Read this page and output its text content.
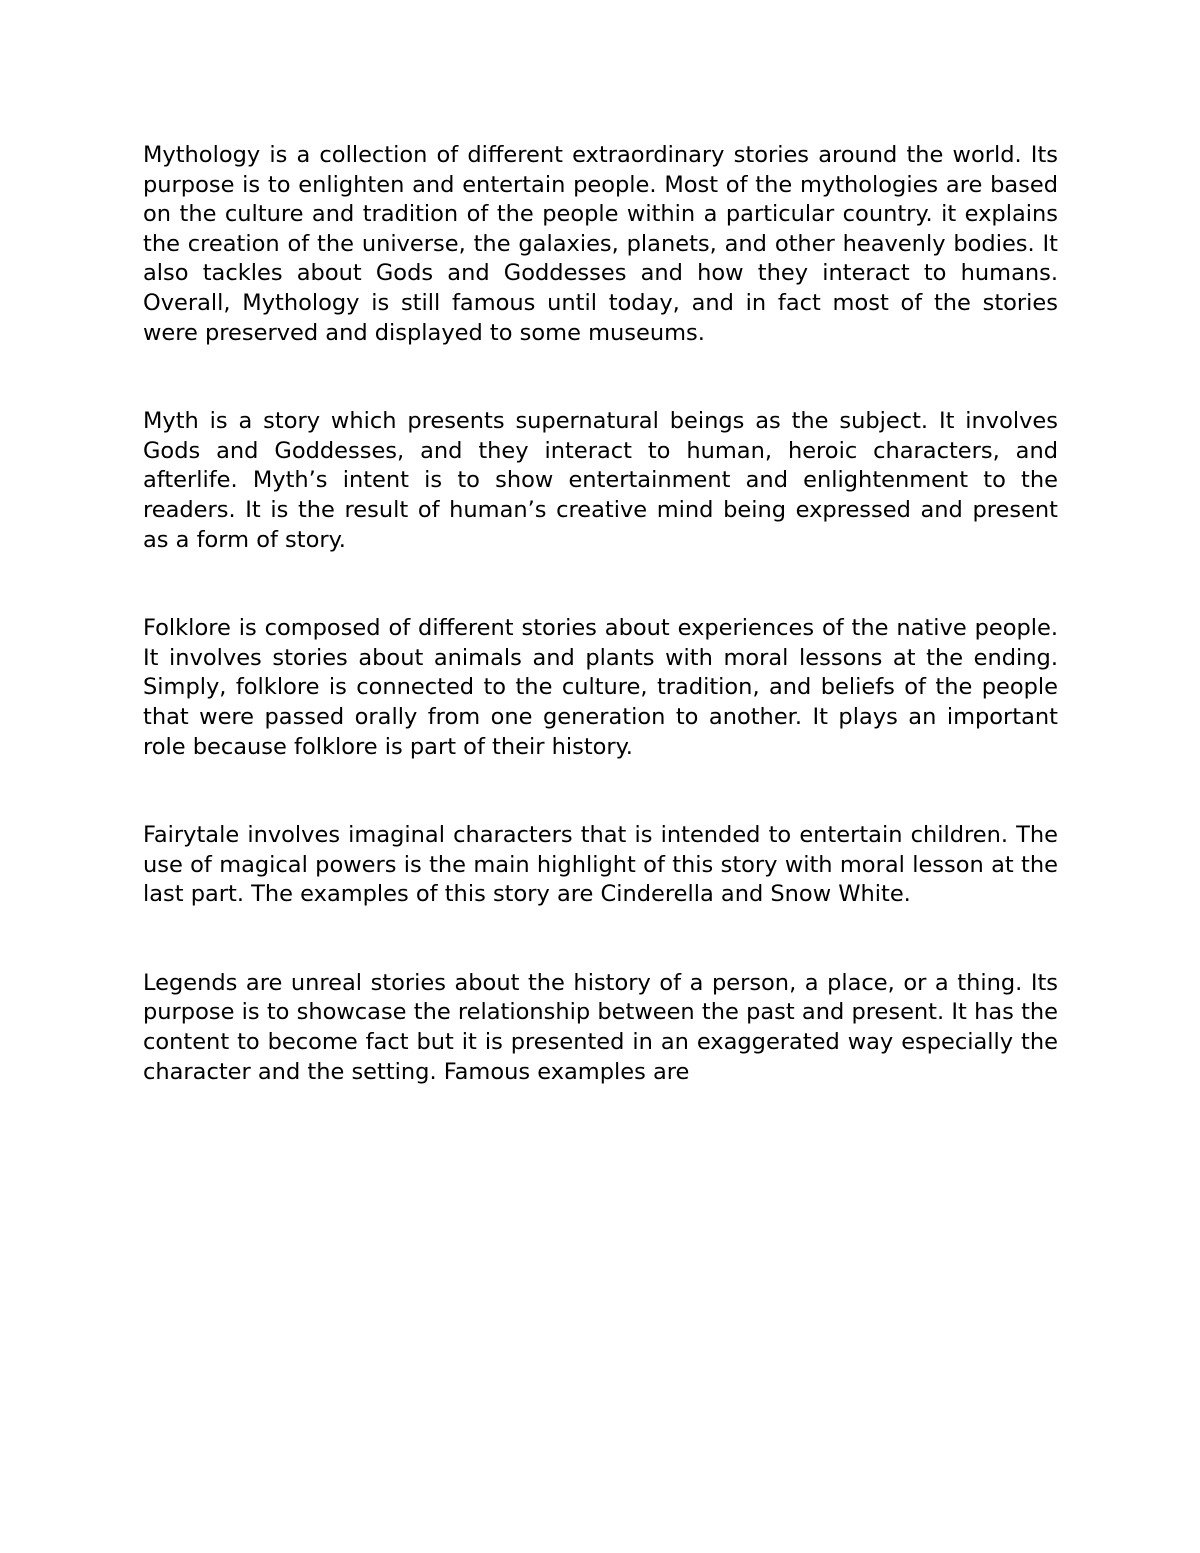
Mythology is a collection of different extraordinary stories around the world. Its purpose is to enlighten and entertain people. Most of the mythologies are based on the culture and tradition of the people within a particular country. it explains the creation of the universe, the galaxies, planets, and other heavenly bodies. It also tackles about Gods and Goddesses and how they interact to humans. Overall, Mythology is still famous until today, and in fact most of the stories were preserved and displayed to some museums.

Myth is a story which presents supernatural beings as the subject. It involves Gods and Goddesses, and they interact to human, heroic characters, and afterlife. Myth’s intent is to show entertainment and enlightenment to the readers. It is the result of human’s creative mind being expressed and present as a form of story.

Folklore is composed of different stories about experiences of the native people. It involves stories about animals and plants with moral lessons at the ending. Simply, folklore is connected to the culture, tradition, and beliefs of the people that were passed orally from one generation to another. It plays an important role because folklore is part of their history.

Fairytale involves imaginal characters that is intended to entertain children. The use of magical powers is the main highlight of this story with moral lesson at the last part. The examples of this story are Cinderella and Snow White.

Legends are unreal stories about the history of a person, a place, or a thing. Its purpose is to showcase the relationship between the past and present. It has the content to become fact but it is presented in an exaggerated way especially the character and the setting. Famous examples are
